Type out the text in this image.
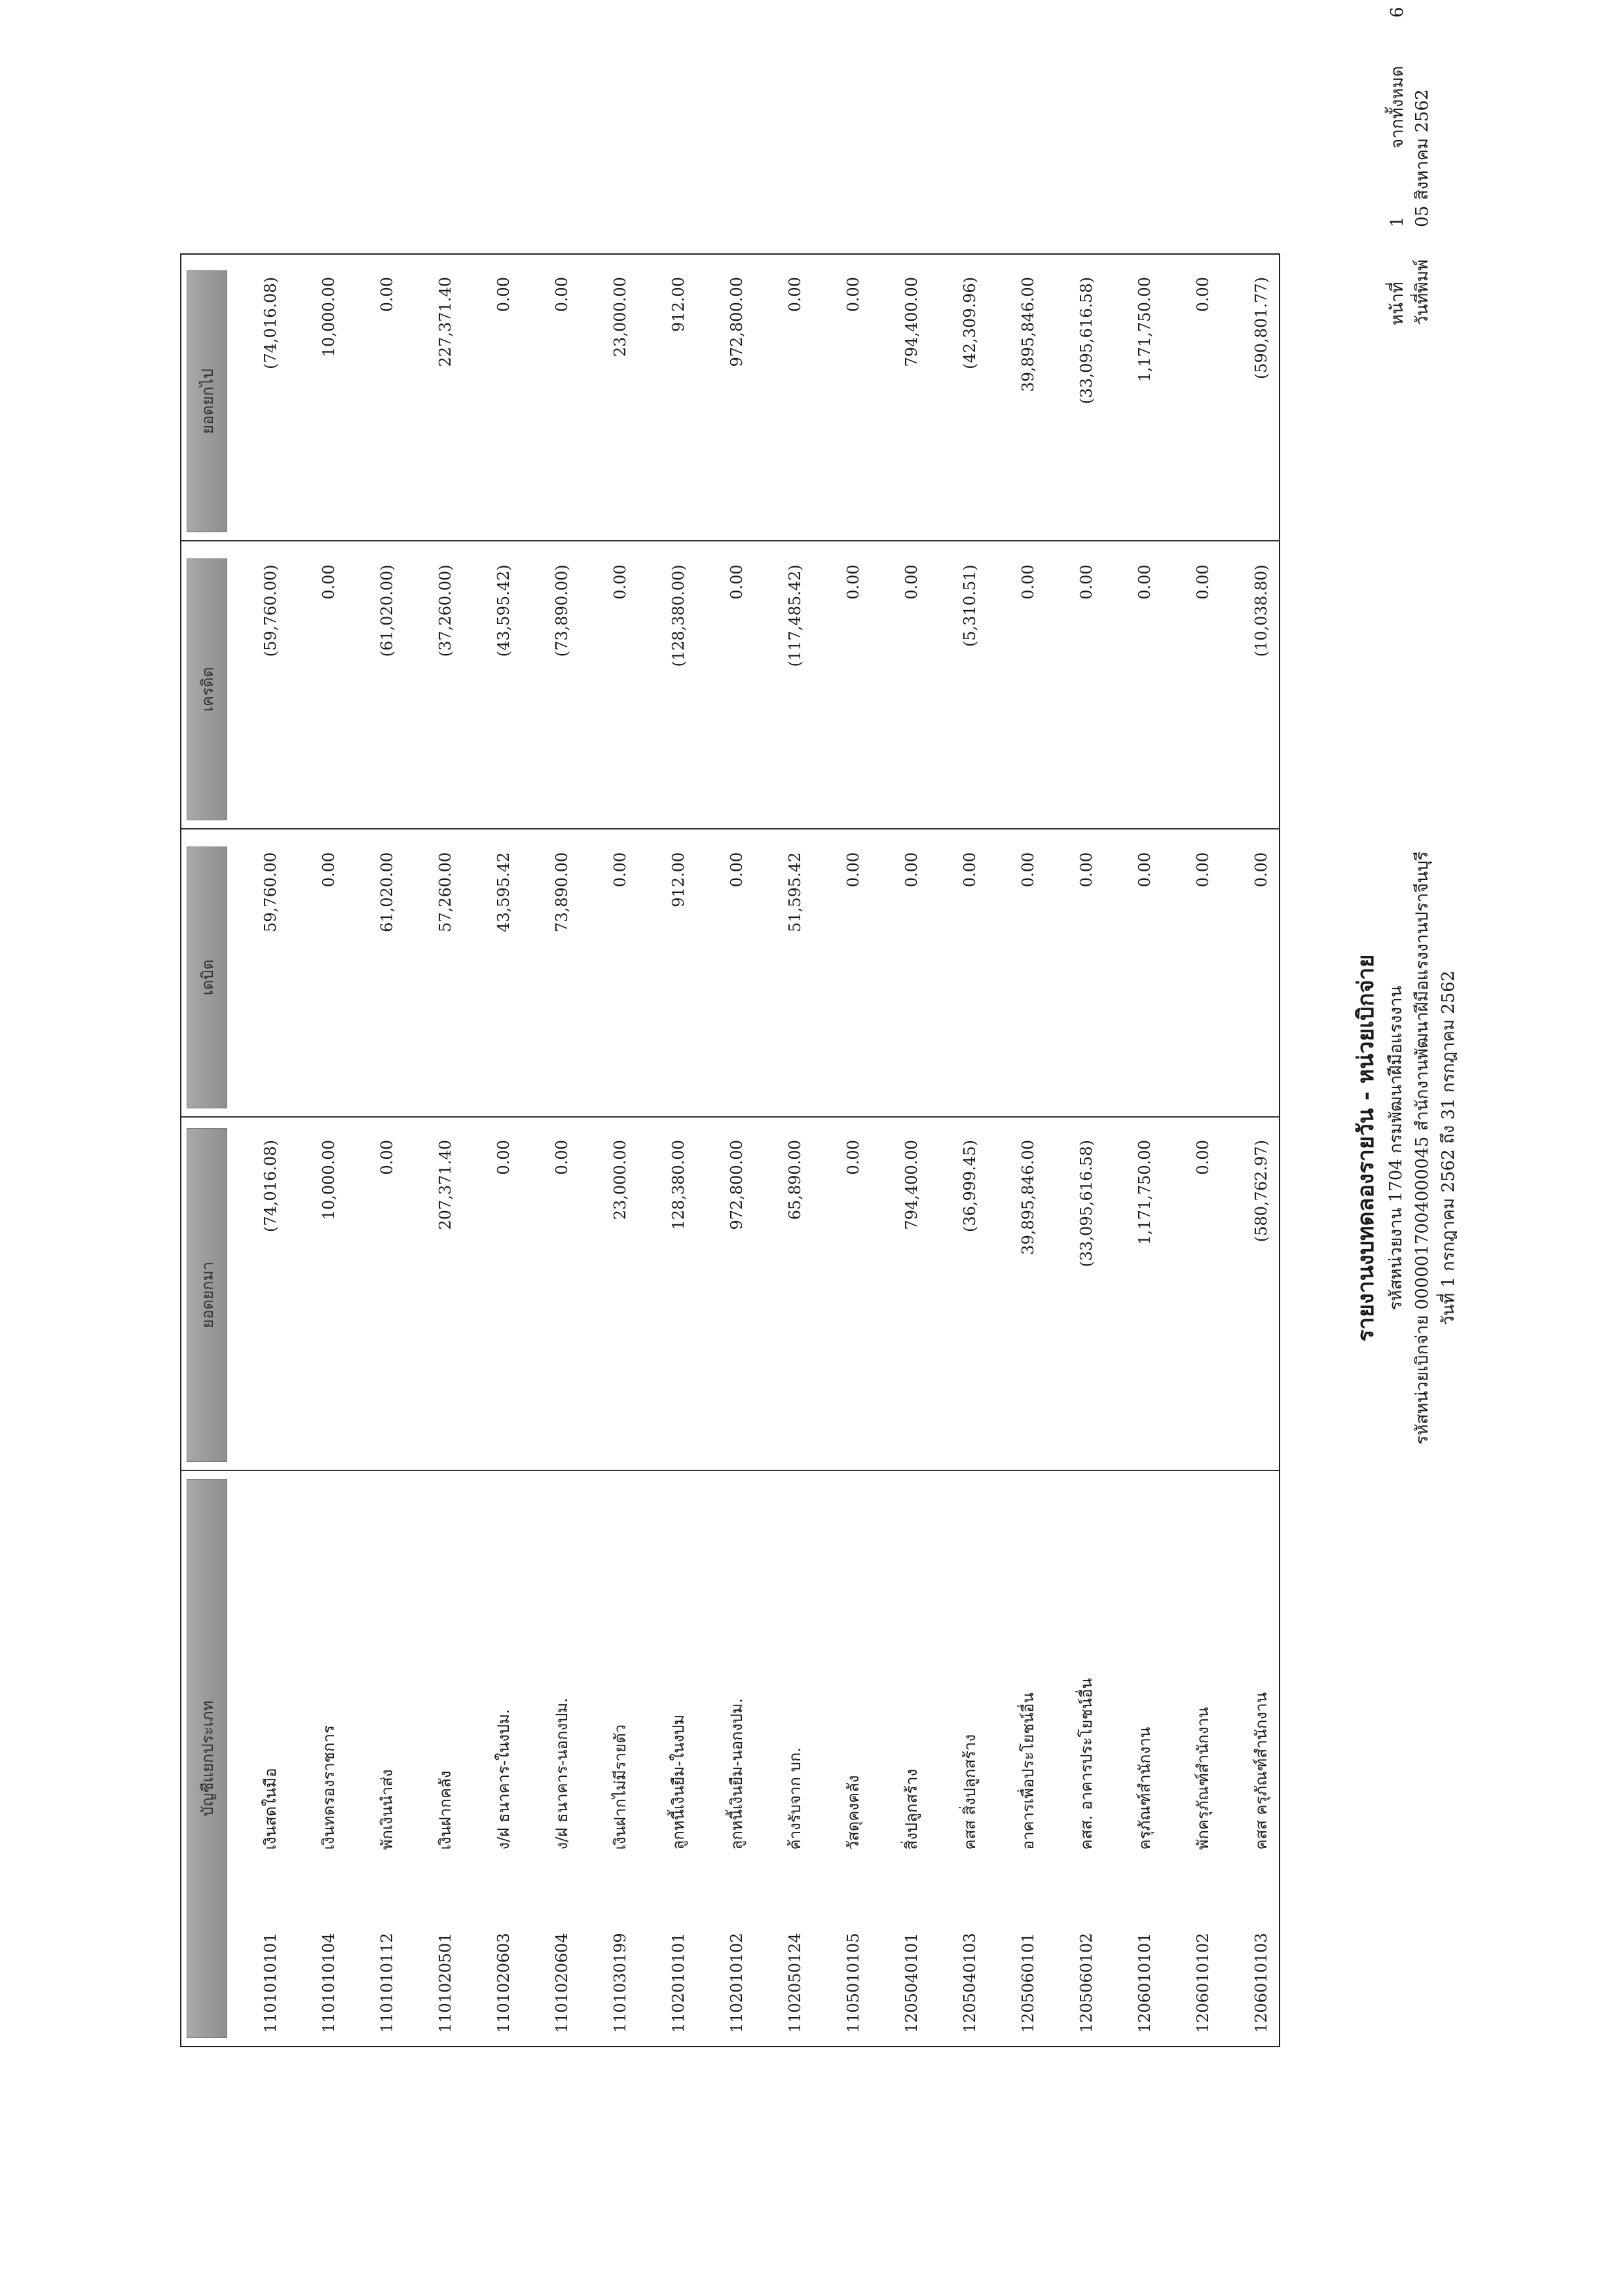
หน้าที่
1
จากทั้งหมด
6
วันที่พิมพ์
05 สิงหาคม 2562
รายงานงบทดลองรายวัน - หน่วยเบิกจ่าย รหัสหน่วยงาน 1704 กรมพัฒนาฝีมือแรงงาน รหัสหน่วยเบิกจ่าย 0000017004000045 สำนักงานพัฒนาฝีมือแรงงานปราจีนบุรี วันที่ 1 กรกฎาคม 2562 ถึง 31 กรกฎาคม 2562
บัญชีแยกประเภท
ยอดยกมา
เดบิต
เครดิต
ยอดยกไป
1101010101
เงินสดในมือ
(74,016.08)
59,760.00
(59,760.00)
(74,016.08)
1101010104
เงินทดรองราชการ
10,000.00
0.00
0.00
10,000.00
1101010112
พักเงินนำส่ง
0.00
61,020.00
(61,020.00)
0.00
1101020501
เงินฝากคลัง
207,371.40
57,260.00
(37,260.00)
227,371.40
1101020603
ง/ฝ ธนาคาร-ในงปม.
0.00
43,595.42
(43,595.42)
0.00
1101020604
ง/ฝ ธนาคาร-นอกงปม.
0.00
73,890.00
(73,890.00)
0.00
1101030199
เงินฝากไม่มีรายตัว
23,000.00
0.00
0.00
23,000.00
1102010101
ลูกหนี้เงินยืม-ในงปม
128,380.00
912.00
(128,380.00)
912.00
1102010102
ลูกหนี้เงินยืม-นอกงปม.
972,800.00
0.00
0.00
972,800.00
1102050124
ค้างรับจาก บก.
65,890.00
51,595.42
(117,485.42)
0.00
1105010105
วัสดุคงคลัง
0.00
0.00
0.00
0.00
1205040101
สิ่งปลูกสร้าง
794,400.00
0.00
0.00
794,400.00
1205040103
คสส สิ่งปลูกสร้าง
(36,999.45)
0.00
(5,310.51)
(42,309.96)
1205060101
อาคารเพื่อประโยชน์อื่น
39,895,846.00
0.00
0.00
39,895,846.00
1205060102
คสส. อาคารประโยชน์อื่น
(33,095,616.58)
0.00
0.00
(33,095,616.58)
1206010101
ครุภัณฑ์สำนักงาน
1,171,750.00
0.00
0.00
1,171,750.00
1206010102
พักครุภัณฑ์สำนักงาน
0.00
0.00
0.00
0.00
1206010103
คสส ครุภัณฑ์สำนักงาน
(580,762.97)
0.00
(10,038.80)
(590,801.77)
